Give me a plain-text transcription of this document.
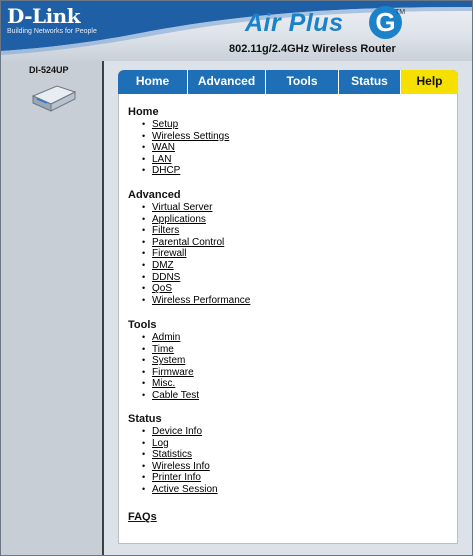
D-Link
Building Networks for People	Air Plus G TM
802.11g/2.4GHz Wireless Router
DI-524UP
Home	Advanced	Tools	Status	Help
Home
• Setup
• Wireless Settings
• WAN
• LAN
• DHCP
Advanced
• Virtual Server
• Applications
• Filters
• Parental Control
• Firewall
• DMZ
• DDNS
• QoS
• Wireless Performance
Tools
• Admin
• Time
• System
• Firmware
• Misc.
• Cable Test
Status
• Device Info
• Log
• Statistics
• Wireless Info
• Printer Info
• Active Session
FAQs
